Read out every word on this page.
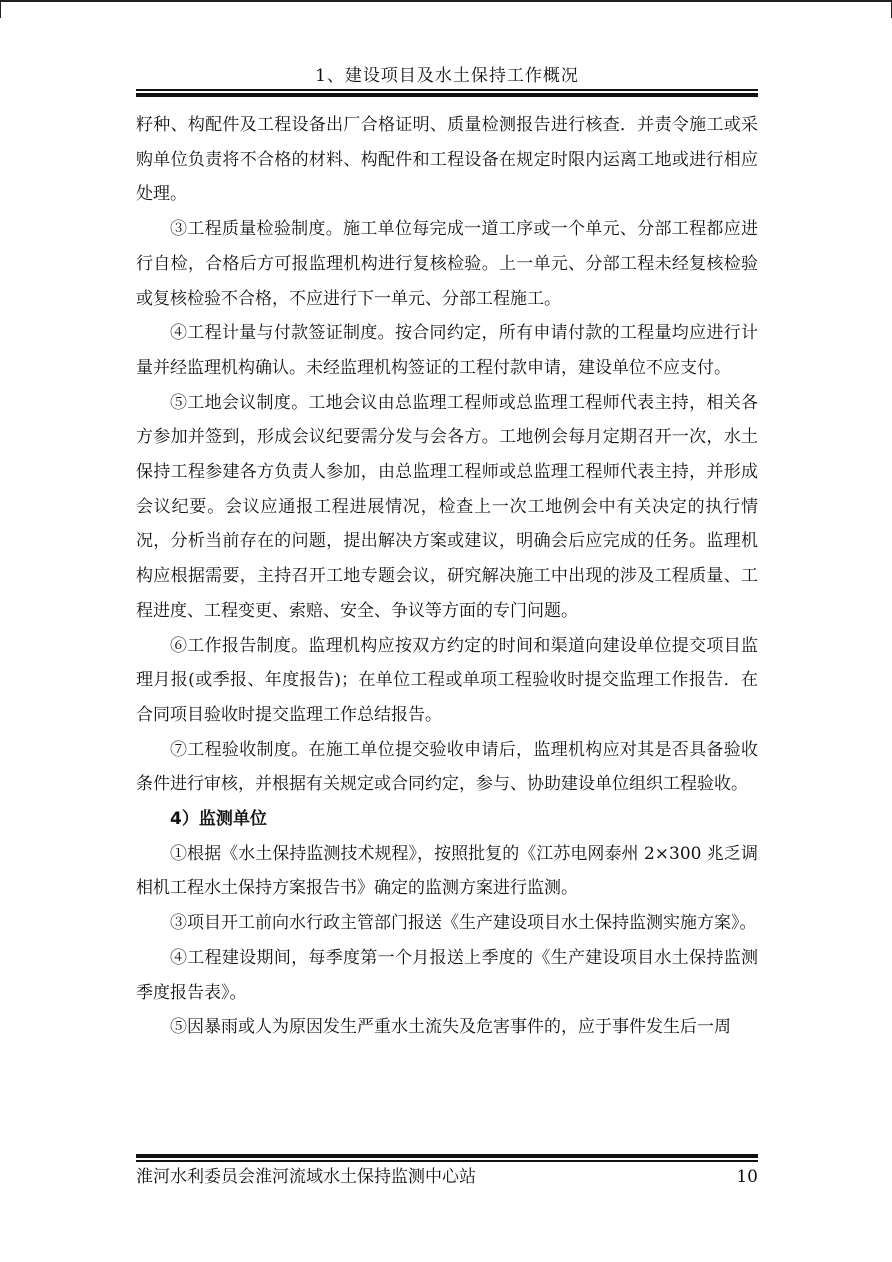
1、建设项目及水土保持工作概况

籽种、构配件及工程设备出厂合格证明、质量检测报告进行核查．并责令施工或采购单位负责将不合格的材料、构配件和工程设备在规定时限内运离工地或进行相应处理。

③工程质量检验制度。施工单位每完成一道工序或一个单元、分部工程都应进行自检，合格后方可报监理机构进行复核检验。上一单元、分部工程未经复核检验或复核检验不合格，不应进行下一单元、分部工程施工。

④工程计量与付款签证制度。按合同约定，所有申请付款的工程量均应进行计量并经监理机构确认。未经监理机构签证的工程付款申请，建设单位不应支付。

⑤工地会议制度。工地会议由总监理工程师或总监理工程师代表主持，相关各方参加并签到，形成会议纪要需分发与会各方。工地例会每月定期召开一次，水土保持工程参建各方负责人参加，由总监理工程师或总监理工程师代表主持，并形成会议纪要。会议应通报工程进展情况，检查上一次工地例会中有关决定的执行情况，分析当前存在的问题，提出解决方案或建议，明确会后应完成的任务。监理机构应根据需要，主持召开工地专题会议，研究解决施工中出现的涉及工程质量、工程进度、工程变更、索赔、安全、争议等方面的专门问题。

⑥工作报告制度。监理机构应按双方约定的时间和渠道向建设单位提交项目监理月报(或季报、年度报告)；在单位工程或单项工程验收时提交监理工作报告．在合同项目验收时提交监理工作总结报告。

⑦工程验收制度。在施工单位提交验收申请后，监理机构应对其是否具备验收条件进行审核，并根据有关规定或合同约定，参与、协助建设单位组织工程验收。

4）监测单位

①根据《水土保持监测技术规程》，按照批复的《江苏电网泰州 2×300 兆乏调相机工程水土保持方案报告书》确定的监测方案进行监测。

③项目开工前向水行政主管部门报送《生产建设项目水土保持监测实施方案》。

④工程建设期间，每季度第一个月报送上季度的《生产建设项目水土保持监测季度报告表》。

⑤因暴雨或人为原因发生严重水土流失及危害事件的，应于事件发生后一周

淮河水利委员会淮河流域水土保持监测中心站	10
